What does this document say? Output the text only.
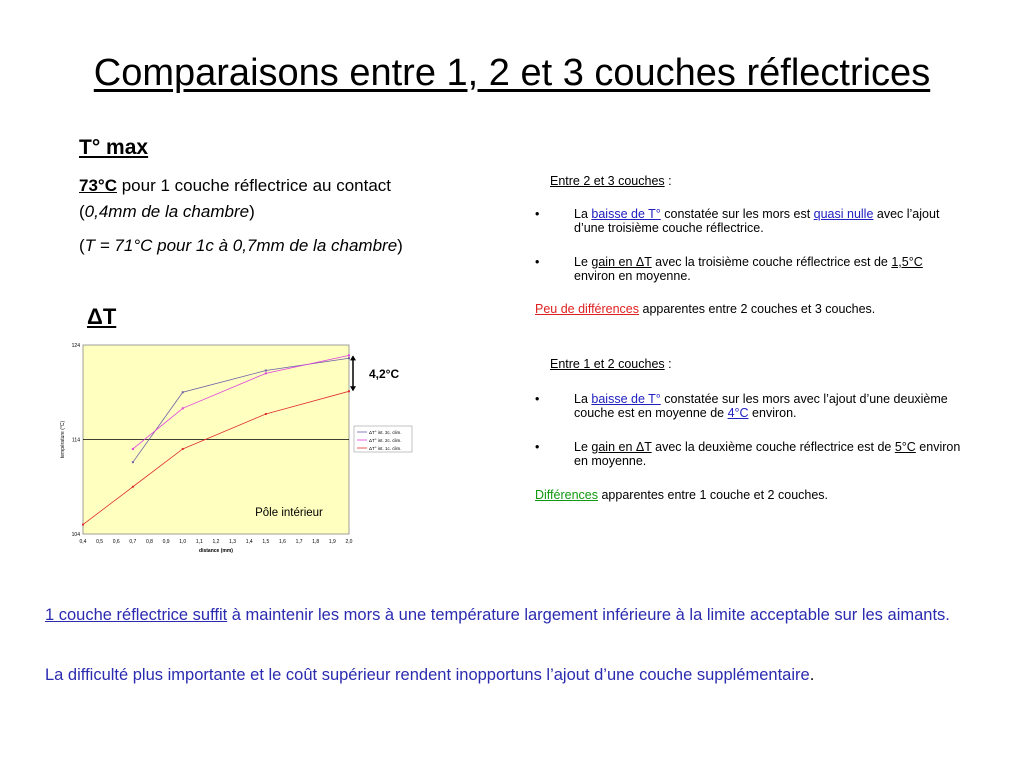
Comparaisons entre 1, 2 et 3 couches réflectrices
T° max
73°C pour 1 couche réflectrice au contact
(0,4mm de la chambre)
(T = 71°C pour 1c à 0,7mm de la chambre)
ΔT
104
114
124
0,4 0,5 0,6 0,7 0,8 0,9 1,0 1,1 1,2 1,3 1,4 1,5 1,6 1,7 1,8 1,9 2,0
distance (mm)
température (°C)	ΔT° int. 3c. clim.
ΔT° int. 2c. clim.
ΔT° int. 1c. clim.
Pôle intérieur
4,2°C
Entre 2 et 3 couches :
•	La baisse de T° constatée sur les mors est quasi nulle avec l’ajout d’une troisième couche réflectrice.
•	Le gain en ΔT avec la troisième couche réflectrice est de 1,5°C environ en moyenne.
Peu de différences apparentes entre 2 couches et 3 couches.
Entre 1 et 2 couches :
•	La baisse de T° constatée sur les mors avec l’ajout d’une deuxième couche est en moyenne de 4°C environ.
•	Le gain en ΔT avec la deuxième couche réflectrice est de 5°C environ en moyenne.
Différences apparentes entre 1 couche et 2 couches.
1 couche réflectrice suffit à maintenir les mors à une température largement inférieure à la limite acceptable sur les aimants.
La difficulté plus importante et le coût supérieur rendent inopportuns l’ajout d’une couche supplémentaire.
